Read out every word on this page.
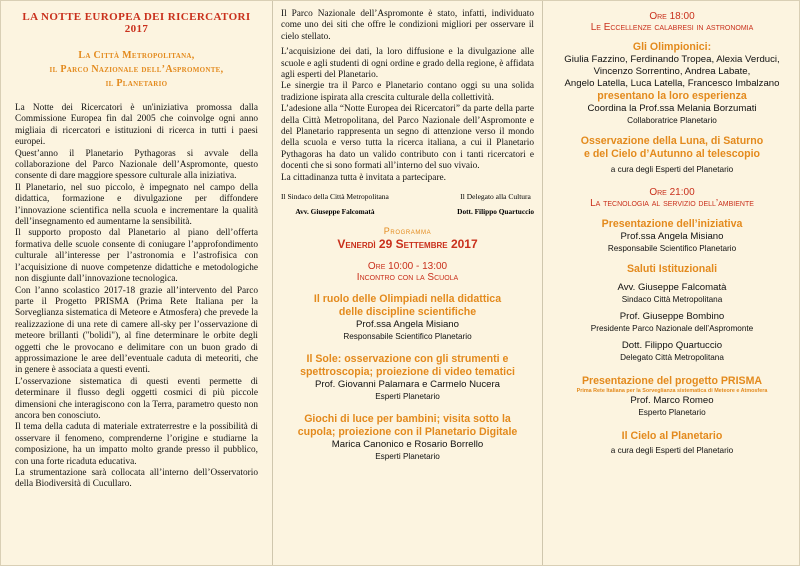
LA NOTTE EUROPEA DEI RICERCATORI 2017
La Città Metropolitana,
il Parco Nazionale dell’Aspromonte,
il Planetario

La Notte dei Ricercatori è un'iniziativa promossa dalla Commissione Europea fin dal 2005 che coinvolge ogni anno migliaia di ricercatori e istituzioni di ricerca in tutti i paesi europei.

Quest’anno il Planetario Pythagoras si avvale della collaborazione del Parco Nazionale dell’Aspromonte, questo consente di dare maggiore spessore culturale alla iniziativa.

Il Planetario, nel suo piccolo, è impegnato nel campo della didattica, formazione e divulgazione per diffondere l’innovazione scientifica nella scuola e incrementare la qualità dell’insegnamento ed aumentarne la sensibilità.

Il supporto proposto dal Planetario al piano dell’offerta formativa delle scuole consente di coniugare l’approfondimento culturale all’interesse per l’astronomia e l’astrofisica con l’acquisizione di nuove competenze didattiche e metodologiche non disgiunte dall’innovazione tecnologica.

Con l’anno scolastico 2017-18 grazie all’intervento del Parco parte il Progetto PRISMA (Prima Rete Italiana per la Sorveglianza sistematica di Meteore e Atmosfera) che prevede la realizzazione di una rete di camere all-sky per l’osservazione di meteore brillanti ("bolidi"), al fine determinare le orbite degli oggetti che le provocano e delimitare con un buon grado di approssimazione le aree dell’eventuale caduta di meteoriti, che in genere è associata a questi eventi.

L’osservazione sistematica di questi eventi permette di determinare il flusso degli oggetti cosmici di più piccole dimensioni che interagiscono con la Terra, parametro questo non ancora ben conosciuto.

Il tema della caduta di materiale extraterrestre e la possibilità di osservare il fenomeno, comprenderne l’origine e studiarne la composizione, ha un impatto molto grande presso il pubblico, con una forte ricaduta educativa.

La strumentazione sarà collocata all’interno dell’Osservatorio della Biodiversità di Cucullaro.

Il Parco Nazionale dell’Aspromonte è stato, infatti, individuato come uno dei siti che offre le condizioni migliori per osservare il cielo stellato.

L’acquisizione dei dati, la loro diffusione e la divulgazione alle scuole e agli studenti di ogni ordine e grado della regione, è affidata agli esperti del Planetario.

Le sinergie tra il Parco e Planetario contano oggi su una solida tradizione ispirata alla crescita culturale della collettività.

L’adesione alla “Notte Europea dei Ricercatori” da parte della parte della Città Metropolitana, del Parco Nazionale dell’Aspromonte e del Planetario rappresenta un segno di attenzione verso il mondo della scuola e verso tutta la ricerca italiana, a cui il Planetario Pythagoras ha dato un valido contributo con i tanti ricercatori e docenti che si sono formati all’interno del suo vivaio.

La cittadinanza tutta è invitata a partecipare.

Il Sindaco della Città Metropolitana
Avv. Giuseppe Falcomatà
Il Delegato alla Cultura
Dott. Filippo Quartuccio
Programma
Venerdì 29 Settembre 2017
Ore 10:00 - 13:00
Incontro con la Scuola
Il ruolo delle Olimpiadi nella didattica
delle discipline scientifiche
Prof.ssa Angela Misiano
Responsabile Scientifico Planetario
Il Sole: osservazione con gli strumenti e
spettroscopia; proiezione di video tematici
Prof. Giovanni Palamara e Carmelo Nucera
Esperti Planetario
Giochi di luce per bambini; visita sotto la
cupola; proiezione con il Planetario Digitale
Marica Canonico e Rosario Borrello
Esperti Planetario
Ore 18:00
Le Eccellenze calabresi in astronomia
Gli Olimpionici:
Giulia Fazzino, Ferdinando Tropea, Alexia Verduci,
Vincenzo Sorrentino, Andrea Labate,
Angelo Latella, Luca Latella, Francesco Imbalzano
presentano la loro esperienza
Coordina la Prof.ssa Melania Borzumati
Collaboratrice Planetario
Osservazione della Luna, di Saturno
e del Cielo d’Autunno al telescopio
a cura degli Esperti del Planetario
Ore 21:00
La tecnologia al servizio dell’ambiente
Presentazione dell’iniziativa
Prof.ssa Angela Misiano
Responsabile Scientifico Planetario
Saluti Istituzionali
Avv. Giuseppe Falcomatà
Sindaco Città Metropolitana
Prof. Giuseppe Bombino
Presidente Parco Nazionale dell’Aspromonte
Dott. Filippo Quartuccio
Delegato Città Metropolitana
Presentazione del progetto PRISMA
Prima Rete Italiana per la Sorveglianza sistematica di Meteore e Atmosfera
Prof. Marco Romeo
Esperto Planetario
Il Cielo al Planetario
a cura degli Esperti del Planetario
